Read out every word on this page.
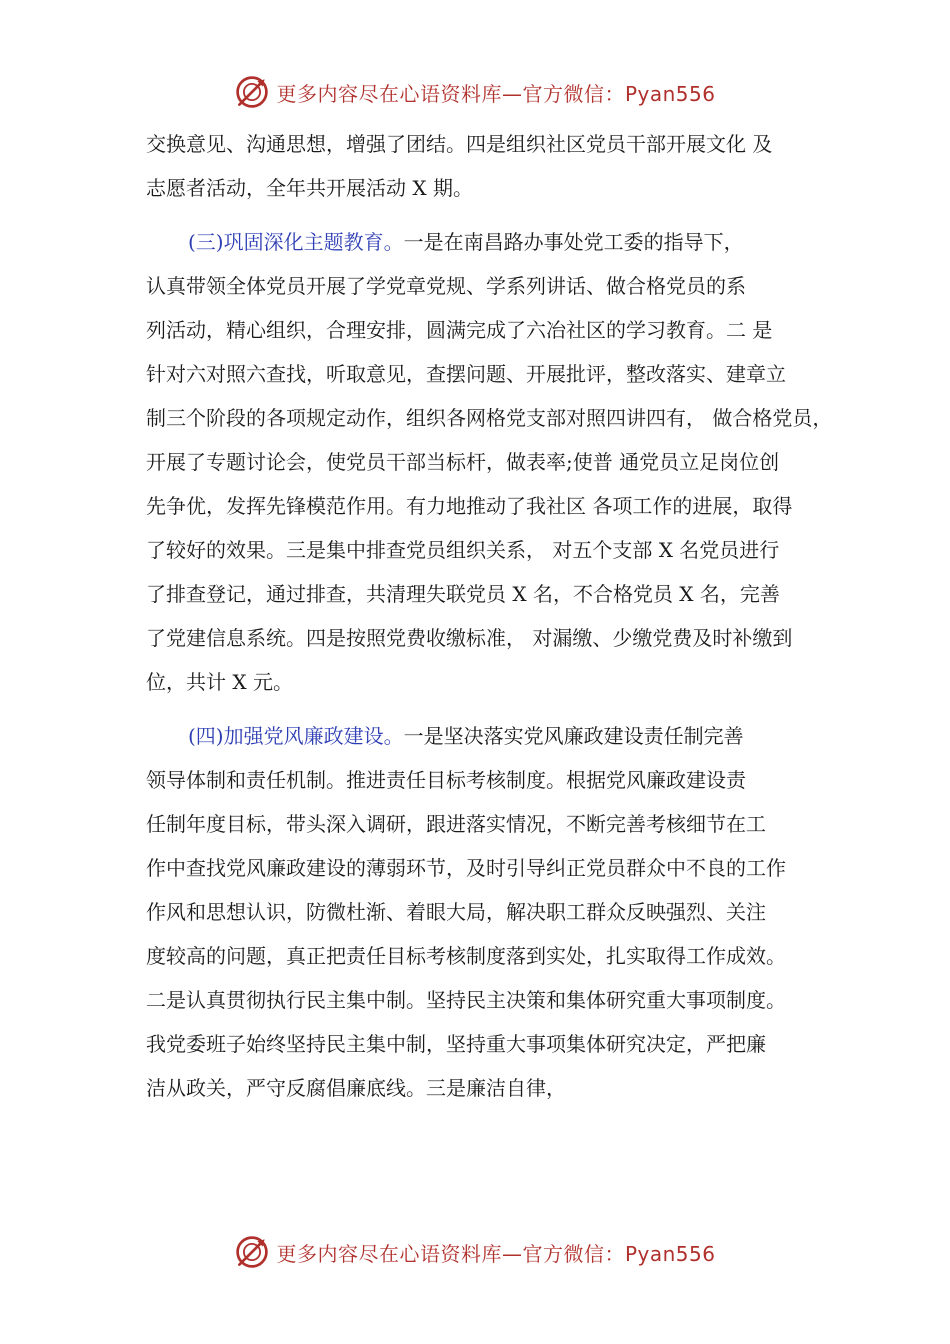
更多内容尽在心语资料库—官方微信：Pyan556
交换意见、沟通思想，增强了团结。四是组织社区党员干部开展文化 及
志愿者活动，全年共开展活动 X 期。
(三)巩固深化主题教育。一是在南昌路办事处党工委的指导下，
认真带领全体党员开展了学党章党规、学系列讲话、做合格党员的系
列活动，精心组织，合理安排，圆满完成了六冶社区的学习教育。二 是
针对六对照六查找，听取意见，查摆问题、开展批评，整改落实、建章立
制三个阶段的各项规定动作，组织各网格党支部对照四讲四有， 做合格党员，
开展了专题讨论会，使党员干部当标杆，做表率;使普 通党员立足岗位创
先争优，发挥先锋模范作用。有力地推动了我社区 各项工作的进展，取得
了较好的效果。三是集中排查党员组织关系， 对五个支部 X 名党员进行
了排查登记，通过排查，共清理失联党员 X 名，不合格党员 X 名，完善
了党建信息系统。四是按照党费收缴标准， 对漏缴、少缴党费及时补缴到
位，共计 X 元。
(四)加强党风廉政建设。一是坚决落实党风廉政建设责任制完善
领导体制和责任机制。推进责任目标考核制度。根据党风廉政建设责
任制年度目标，带头深入调研，跟进落实情况，不断完善考核细节在工
作中查找党风廉政建设的薄弱环节，及时引导纠正党员群众中不良的工作
作风和思想认识，防微杜渐、着眼大局，解决职工群众反映强烈、关注
度较高的问题，真正把责任目标考核制度落到实处，扎实取得工作成效。
二是认真贯彻执行民主集中制。坚持民主决策和集体研究重大事项制度。
我党委班子始终坚持民主集中制，坚持重大事项集体研究决定，严把廉
洁从政关，严守反腐倡廉底线。三是廉洁自律，
更多内容尽在心语资料库—官方微信：Pyan556
